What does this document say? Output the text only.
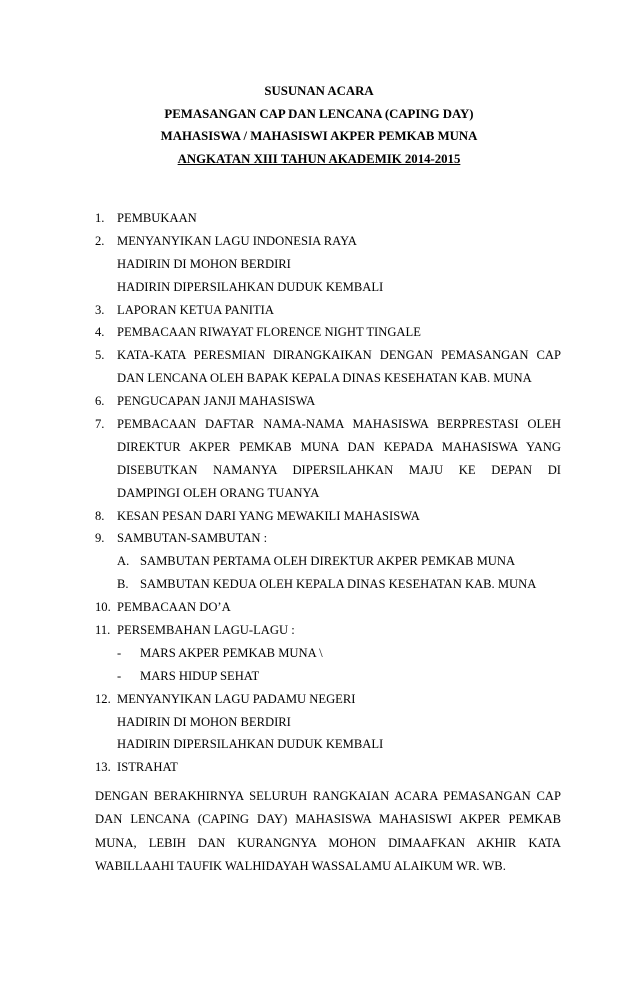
SUSUNAN ACARA
PEMASANGAN CAP DAN LENCANA (CAPING DAY)
MAHASISWA / MAHASISWI AKPER PEMKAB MUNA
ANGKATAN XIII TAHUN AKADEMIK 2014-2015
1. PEMBUKAAN
2. MENYANYIKAN LAGU INDONESIA RAYA
HADIRIN DI MOHON BERDIRI
HADIRIN DIPERSILAHKAN DUDUK KEMBALI
3. LAPORAN KETUA PANITIA
4. PEMBACAAN RIWAYAT FLORENCE NIGHT TINGALE
5. KATA-KATA PERESMIAN DIRANGKAIKAN DENGAN PEMASANGAN CAP
DAN LENCANA OLEH BAPAK KEPALA DINAS KESEHATAN KAB. MUNA
6. PENGUCAPAN JANJI MAHASISWA
7. PEMBACAAN DAFTAR NAMA-NAMA MAHASISWA BERPRESTASI OLEH
DIREKTUR AKPER PEMKAB MUNA DAN KEPADA MAHASISWA YANG
DISEBUTKAN NAMANYA DIPERSILAHKAN MAJU KE DEPAN DI
DAMPINGI OLEH ORANG TUANYA
8. KESAN PESAN DARI YANG MEWAKILI MAHASISWA
9. SAMBUTAN-SAMBUTAN :
A. SAMBUTAN PERTAMA OLEH DIREKTUR AKPER PEMKAB MUNA
B. SAMBUTAN KEDUA OLEH KEPALA DINAS KESEHATAN KAB. MUNA
10. PEMBACAAN DO’A
11. PERSEMBAHAN LAGU-LAGU :
- MARS AKPER PEMKAB MUNA \
- MARS HIDUP SEHAT
12. MENYANYIKAN LAGU PADAMU NEGERI
HADIRIN DI MOHON BERDIRI
HADIRIN DIPERSILAHKAN DUDUK KEMBALI
13. ISTRAHAT
DENGAN BERAKHIRNYA SELURUH RANGKAIAN ACARA PEMASANGAN CAP
DAN LENCANA (CAPING DAY) MAHASISWA MAHASISWI AKPER PEMKAB
MUNA, LEBIH DAN KURANGNYA MOHON DIMAAFKAN AKHIR KATA
WABILLAAHI TAUFIK WALHIDAYAH WASSALAMU ALAIKUM WR. WB.
